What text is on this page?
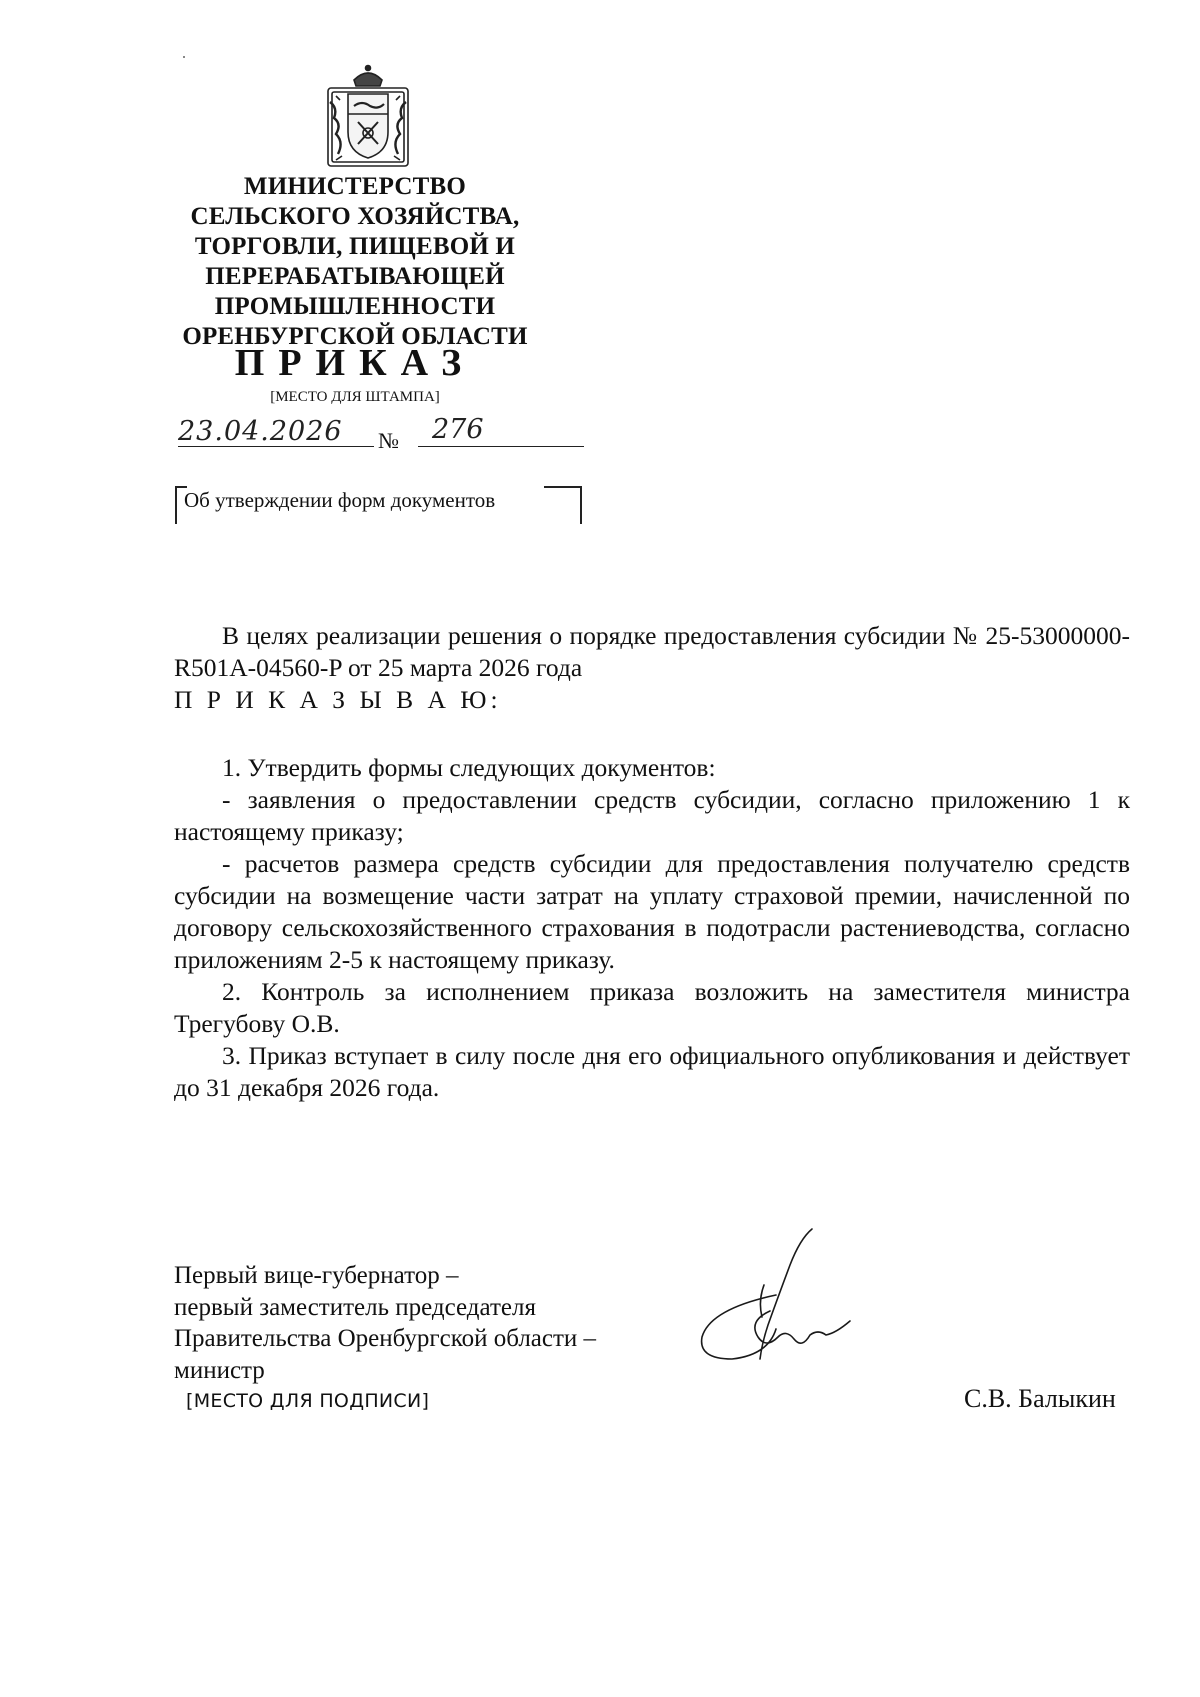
МИНИСТЕРСТВО
СЕЛЬСКОГО ХОЗЯЙСТВА,
ТОРГОВЛИ, ПИЩЕВОЙ И
ПЕРЕРАБАТЫВАЮЩЕЙ
ПРОМЫШЛЕННОСТИ
ОРЕНБУРГСКОЙ ОБЛАСТИ
ПРИКАЗ
[МЕСТО ДЛЯ ШТАМПА]
23.04.2026 № 276
Об утверждении форм документов

В целях реализации решения о порядке предоставления субсидии № 25-53000000-R501A-04560-P от 25 марта 2026 года

П Р И К А З Ы В А Ю:

1. Утвердить формы следующих документов:

- заявления о предоставлении средств субсидии, согласно приложению 1 к настоящему приказу;

- расчетов размера средств субсидии для предоставления получателю средств субсидии на возмещение части затрат на уплату страховой премии, начисленной по договору сельскохозяйственного страхования в подотрасли растениеводства, согласно приложениям 2-5 к настоящему приказу.

2. Контроль за исполнением приказа возложить на заместителя министра Трегубову О.В.

3. Приказ вступает в силу после дня его официального опубликования и действует до 31 декабря 2026 года.

Первый вице-губернатор –
первый заместитель председателя
Правительства Оренбургской области –
министр
[МЕСТО ДЛЯ ПОДПИСИ]	С.В. Балыкин
